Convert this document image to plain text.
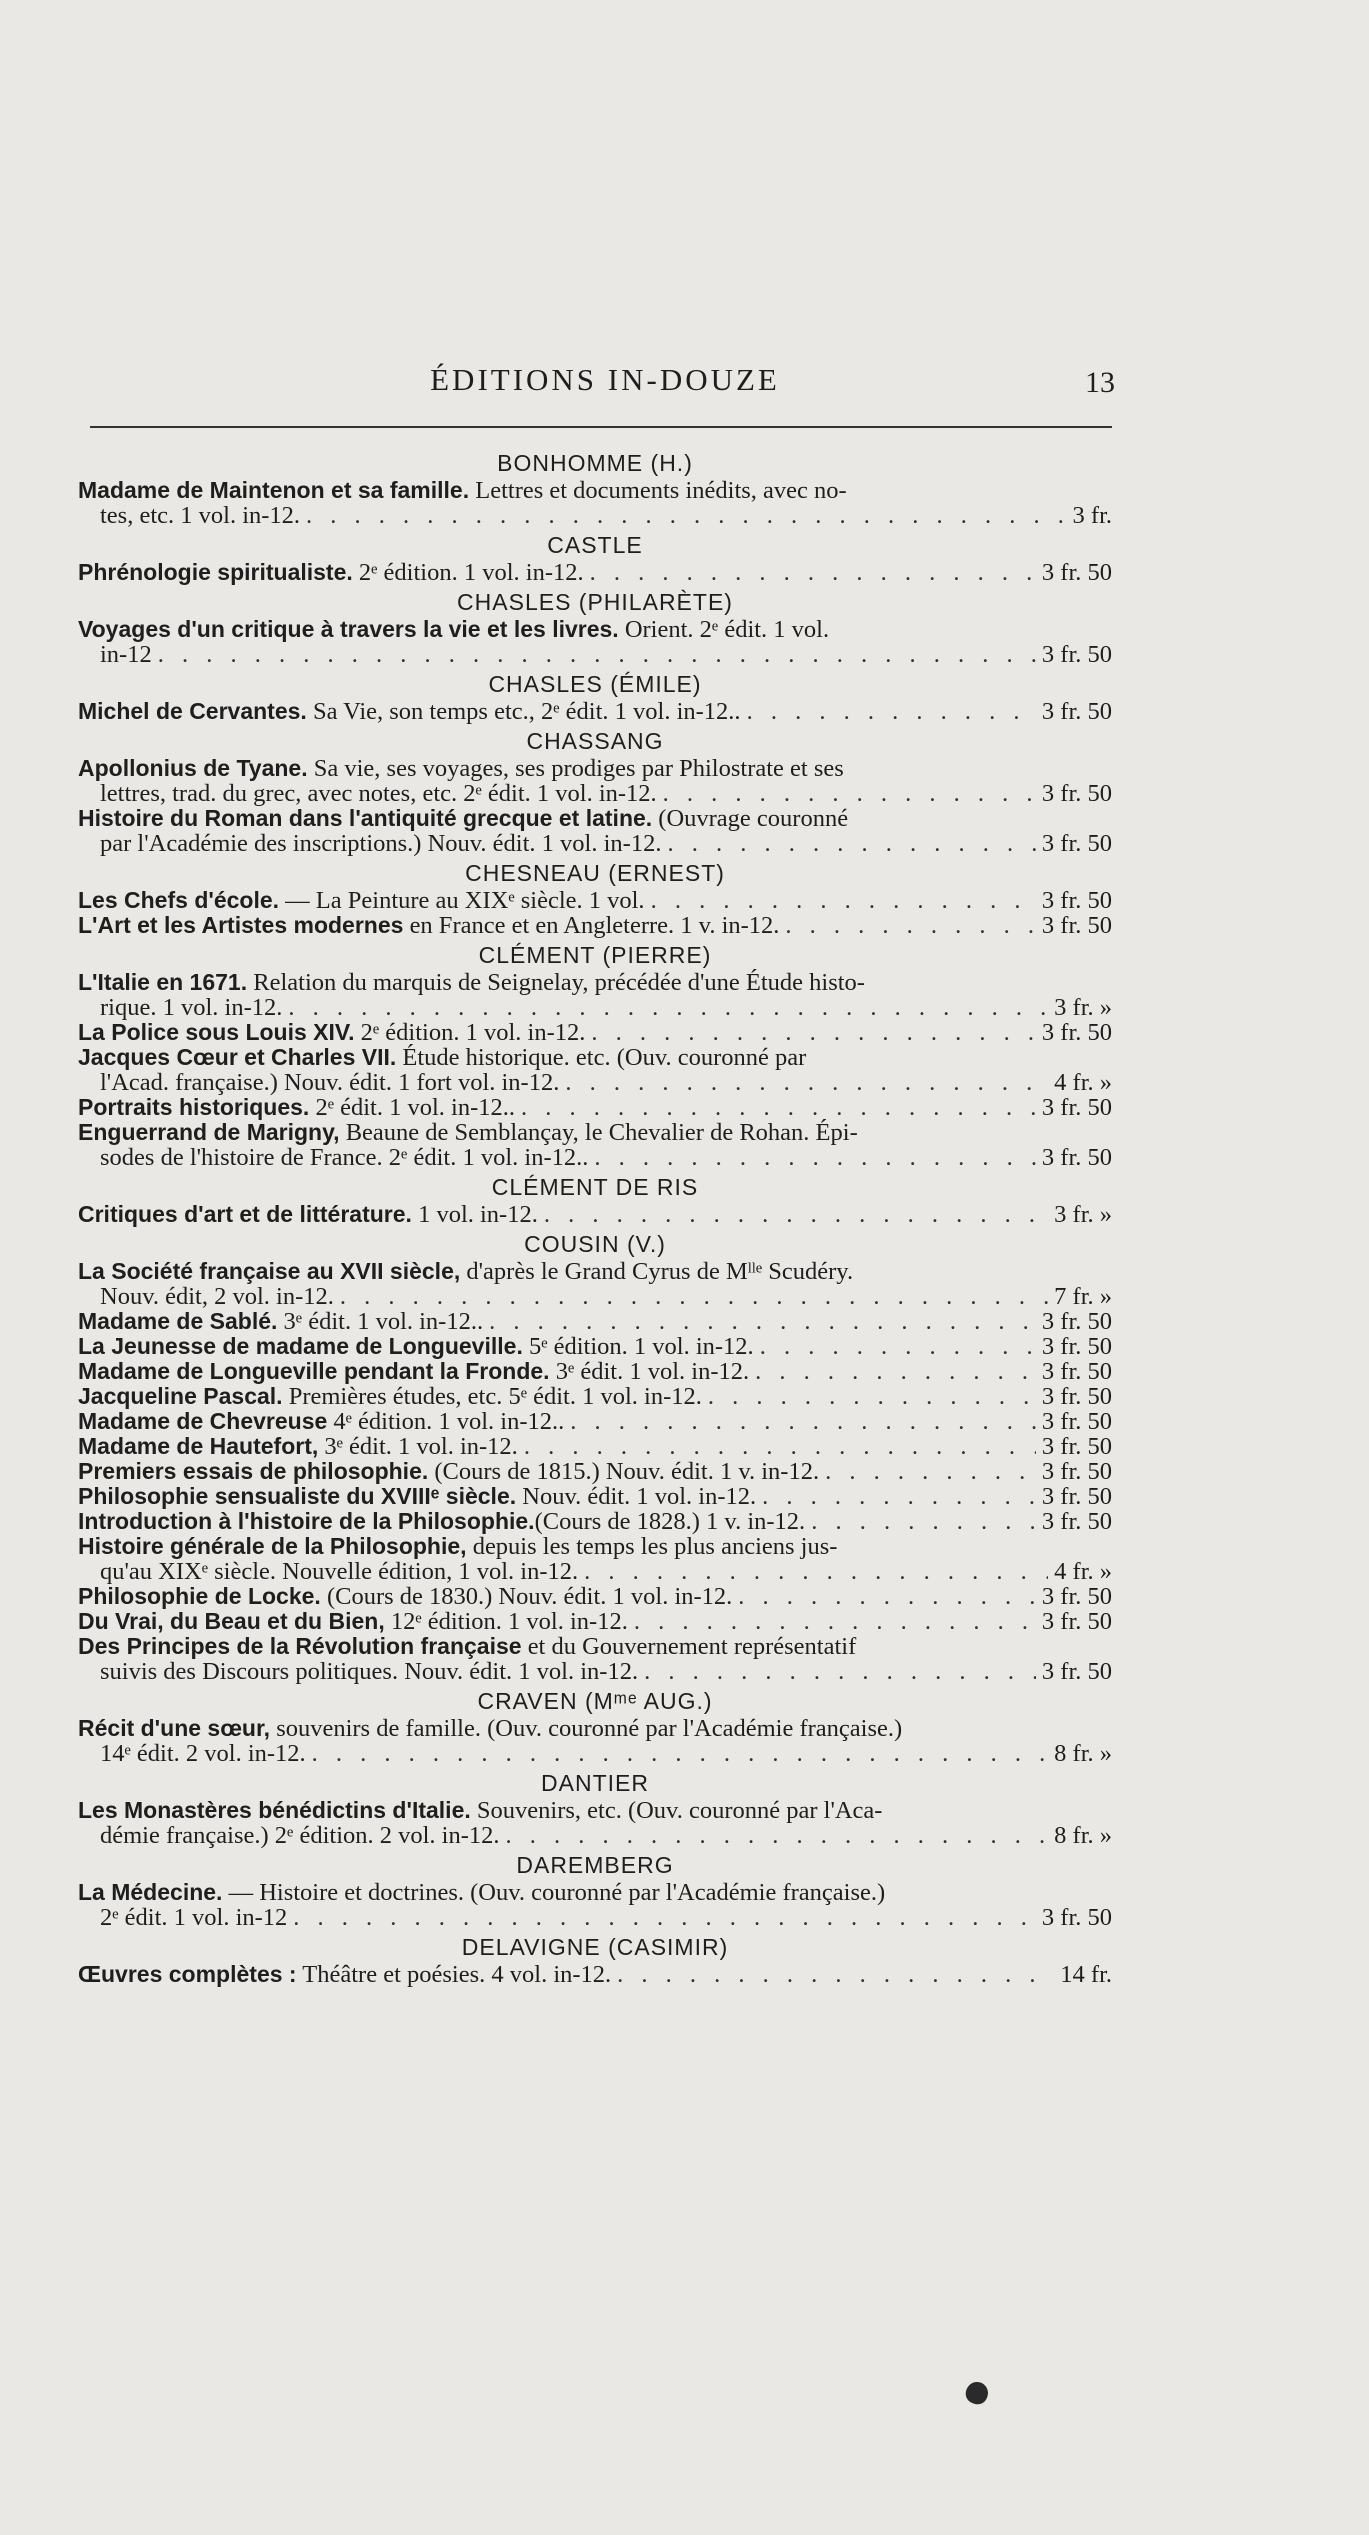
ÉDITIONS IN-DOUZE	13
BONHOMME (H.)
Madame de Maintenon et sa famille. Lettres et documents inédits, avec no-
tes, etc. 1 vol. in-12. . . .	3 fr.
CASTLE
Phrénologie spiritualiste. 2ᵉ édition. 1 vol. in-12. . . .	3 fr. 50
CHASLES (PHILARÈTE)
Voyages d'un critique à travers la vie et les livres. Orient. 2ᵉ édit. 1 vol.
in-12 . . .	3 fr. 50
CHASLES (ÉMILE)
Michel de Cervantes. Sa Vie, son temps etc., 2ᵉ édit. 1 vol. in-12.. . . .	3 fr. 50
CHASSANG
Apollonius de Tyane. Sa vie, ses voyages, ses prodiges par Philostrate et ses
lettres, trad. du grec, avec notes, etc. 2ᵉ édit. 1 vol. in-12. . . .	3 fr. 50
Histoire du Roman dans l'antiquité grecque et latine. (Ouvrage couronné
par l'Académie des inscriptions.) Nouv. édit. 1 vol. in-12. . . .	3 fr. 50
CHESNEAU (ERNEST)
Les Chefs d'école. — La Peinture au XIXᵉ siècle. 1 vol. . . .	3 fr. 50
L'Art et les Artistes modernes en France et en Angleterre. 1 v. in-12. . . .	3 fr. 50
CLÉMENT (PIERRE)
L'Italie en 1671. Relation du marquis de Seignelay, précédée d'une Étude histo-
rique. 1 vol. in-12. . . .	3 fr. »
La Police sous Louis XIV. 2ᵉ édition. 1 vol. in-12. . . .	3 fr. 50
Jacques Cœur et Charles VII. Étude historique. etc. (Ouv. couronné par
l'Acad. française.) Nouv. édit. 1 fort vol. in-12. . . .	4 fr. »
Portraits historiques. 2ᵉ édit. 1 vol. in-12.. . . .	3 fr. 50
Enguerrand de Marigny, Beaune de Semblançay, le Chevalier de Rohan. Épi-
sodes de l'histoire de France. 2ᵉ édit. 1 vol. in-12.. . . .	3 fr. 50
CLÉMENT DE RIS
Critiques d'art et de littérature. 1 vol. in-12. . . .	3 fr. »
COUSIN (V.)
La Société française au XVII siècle, d'après le Grand Cyrus de Mˡˡᵉ Scudéry.
Nouv. édit, 2 vol. in-12. . . .	7 fr. »
Madame de Sablé. 3ᵉ édit. 1 vol. in-12.. . . .	3 fr. 50
La Jeunesse de madame de Longueville. 5ᵉ édition. 1 vol. in-12. . . .	3 fr. 50
Madame de Longueville pendant la Fronde. 3ᵉ édit. 1 vol. in-12. . . .	3 fr. 50
Jacqueline Pascal. Premières études, etc. 5ᵉ édit. 1 vol. in-12. . . .	3 fr. 50
Madame de Chevreuse 4ᵉ édition. 1 vol. in-12.. . . .	3 fr. 50
Madame de Hautefort, 3ᵉ édit. 1 vol. in-12. . . .	3 fr. 50
Premiers essais de philosophie. (Cours de 1815.) Nouv. édit. 1 v. in-12. . . .	3 fr. 50
Philosophie sensualiste du XVIIIᵉ siècle. Nouv. édit. 1 vol. in-12. . . .	3 fr. 50
Introduction à l'histoire de la Philosophie.(Cours de 1828.) 1 v. in-12. . . .	3 fr. 50
Histoire générale de la Philosophie, depuis les temps les plus anciens jus-
qu'au XIXᵉ siècle. Nouvelle édition, 1 vol. in-12. . . .	4 fr. »
Philosophie de Locke. (Cours de 1830.) Nouv. édit. 1 vol. in-12. . . .	3 fr. 50
Du Vrai, du Beau et du Bien, 12ᵉ édition. 1 vol. in-12. . . .	3 fr. 50
Des Principes de la Révolution française et du Gouvernement représentatif
suivis des Discours politiques. Nouv. édit. 1 vol. in-12. . . .	3 fr. 50
CRAVEN (Mᵐᵉ AUG.)
Récit d'une sœur, souvenirs de famille. (Ouv. couronné par l'Académie française.)
14ᵉ édit. 2 vol. in-12. . . .	8 fr. »
DANTIER
Les Monastères bénédictins d'Italie. Souvenirs, etc. (Ouv. couronné par l'Aca-
démie française.) 2ᵉ édition. 2 vol. in-12. . . .	8 fr. »
DAREMBERG
La Médecine. — Histoire et doctrines. (Ouv. couronné par l'Académie française.)
2ᵉ édit. 1 vol. in-12 . . .	3 fr. 50
DELAVIGNE (CASIMIR)
Œuvres complètes : Théâtre et poésies. 4 vol. in-12. . . .	14 fr.
